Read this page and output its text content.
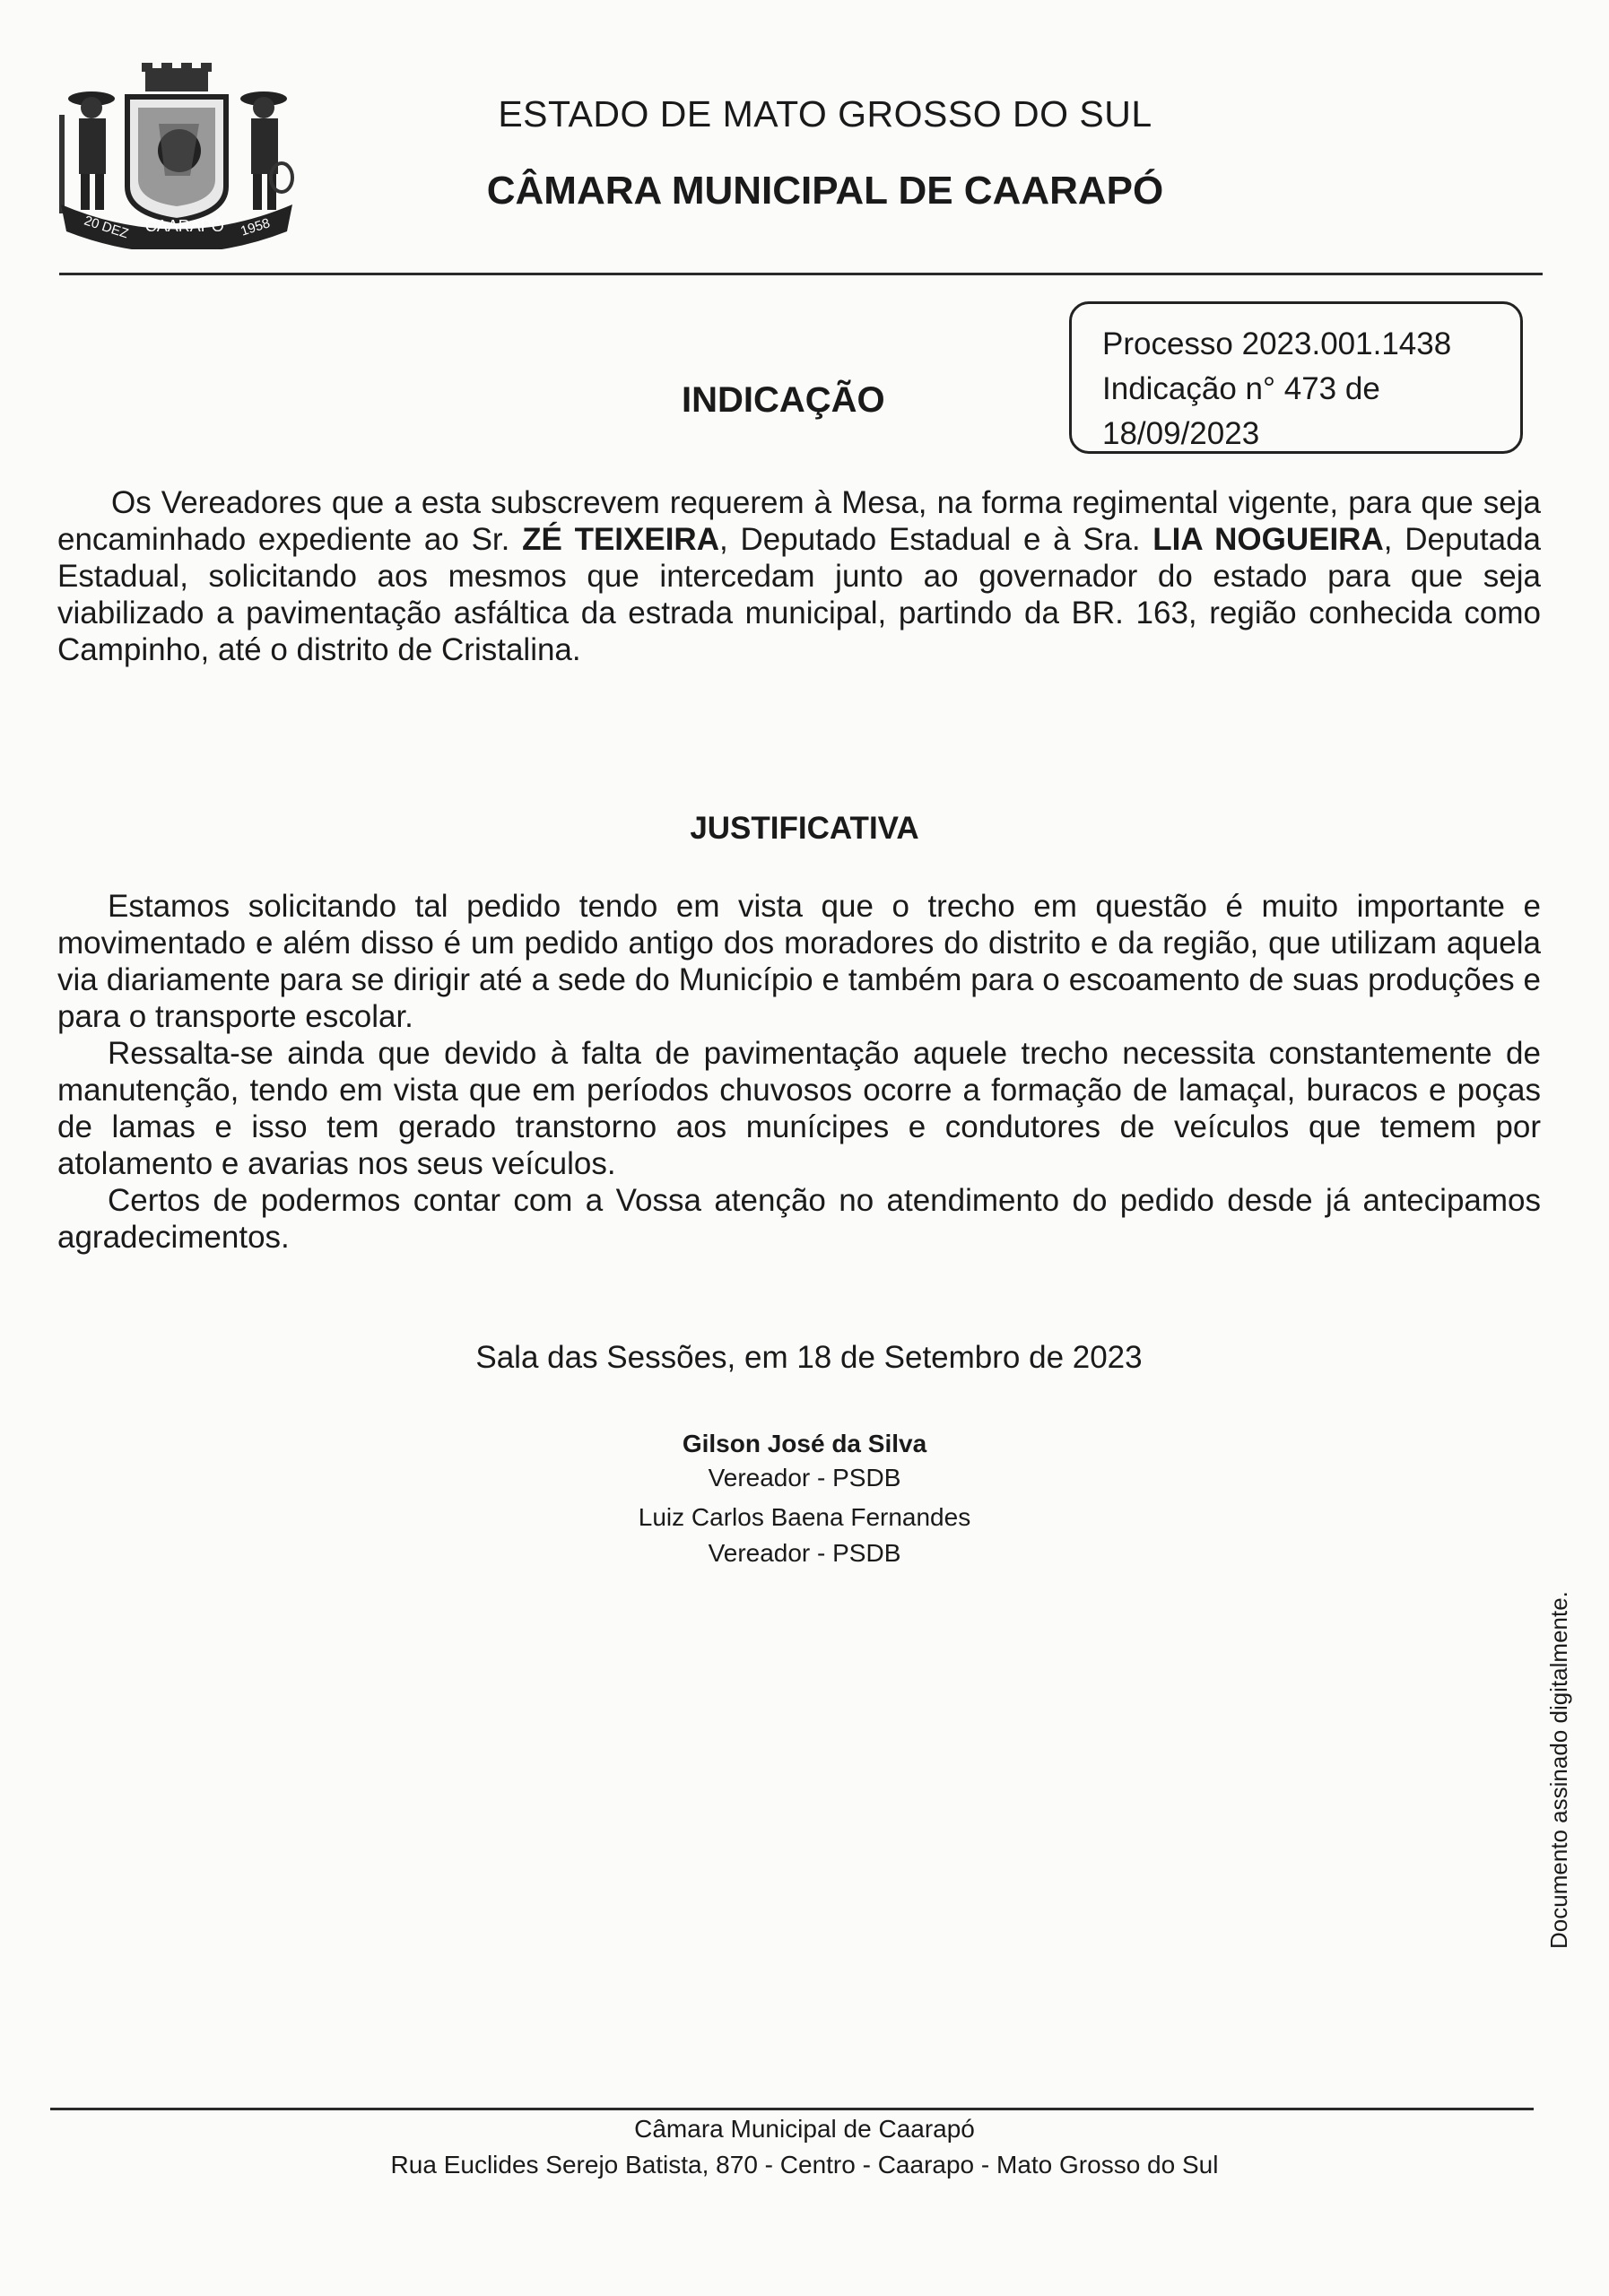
20 DEZ CAARAPÓ 1958
ESTADO DE MATO GROSSO DO SUL
CÂMARA MUNICIPAL DE CAARAPÓ
Processo 2023.001.1438
Indicação n° 473 de
18/09/2023
INDICAÇÃO

Os Vereadores que a esta subscrevem requerem à Mesa, na forma regimental vigente, para que seja encaminhado expediente ao Sr. ZÉ TEIXEIRA, Deputado Estadual e à Sra. LIA NOGUEIRA, Deputada Estadual, solicitando aos mesmos que intercedam junto ao governador do estado para que seja viabilizado a pavimentação asfáltica da estrada municipal, partindo da BR. 163, região conhecida como Campinho, até o distrito de Cristalina.

JUSTIFICATIVA
Estamos solicitando tal pedido tendo em vista que o trecho em questão é muito importante e movimentado e além disso é um pedido antigo dos moradores do distrito e da região, que utilizam aquela via diariamente para se dirigir até a sede do Município e também para o escoamento de suas produções e para o transporte escolar.
Ressalta-se ainda que devido à falta de pavimentação aquele trecho necessita constantemente de manutenção, tendo em vista que em períodos chuvosos ocorre a formação de lamaçal, buracos e poças de lamas e isso tem gerado transtorno aos munícipes e condutores de veículos que temem por atolamento e avarias nos seus veículos.
Certos de podermos contar com a Vossa atenção no atendimento do pedido desde já antecipamos agradecimentos.
Sala das Sessões, em 18 de Setembro de 2023
Gilson José da Silva
Vereador - PSDB
Luiz Carlos Baena Fernandes
Vereador - PSDB
Documento assinado digitalmente.
Câmara Municipal de Caarapó
Rua Euclides Serejo Batista, 870 - Centro - Caarapo - Mato Grosso do Sul
